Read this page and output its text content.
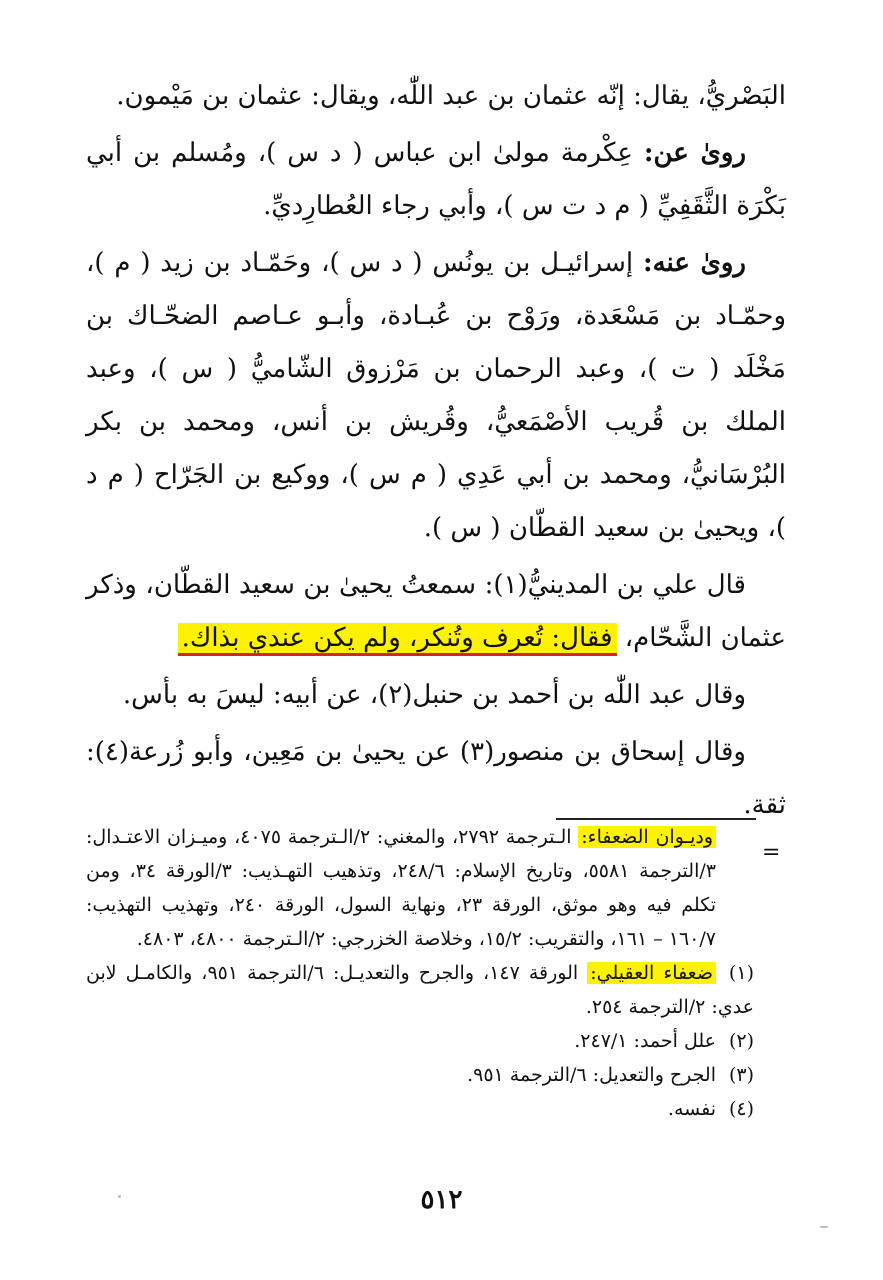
البَصْريُّ، يقال: إنّه عثمان بن عبد اللّٰه، ويقال: عثمان بن مَيْمون.

رویٰ عن: عِكْرمة مولىٰ ابن عباس ( د س )، ومُسلم بن أبي بَكْرَة الثَّقَفِيِّ ( م د ت س )، وأبي رجاء العُطارِديِّ.

رویٰ عنه: إسرائيـل بن يونُس ( د س )، وحَمّـاد بن زيد ( م )، وحمّـاد بن مَسْعَدة، ورَوْح بن عُبـادة، وأبـو عـاصم الضحّـاك بن مَخْلَد ( ت )، وعبد الرحمان بن مَرْزوق الشّاميُّ ( س )، وعبد الملك بن قُريب الأصْمَعيُّ، وقُريش بن أنس، ومحمد بن بكر البُرْسَانيُّ، ومحمد بن أبي عَدِي ( م س )، ووكيع بن الجَرّاح ( م د )، ويحيىٰ بن سعيد القطّان ( س ).

قال علي بن المدينيُّ(١): سمعتُ يحيىٰ بن سعيد القطّان، وذكر عثمان الشَّحّام، فقال: تُعرف وتُنكر، ولم يكن عندي بذاك.

وقال عبد اللّٰه بن أحمد بن حنبل(٢)، عن أبيه: ليسَ به بأس.

وقال إسحاق بن منصور(٣) عن يحيىٰ بن مَعِين، وأبو زُرعة(٤): ثقة.

=

وديـوان الضعفاء: الـترجمة ٢٧٩٢، والمغني: ٢/الـترجمة ٤٠٧٥، وميـزان الاعتـدال: ٣/الترجمة ٥٥٨١، وتاريخ الإسلام: ٢٤٨/٦، وتذهيب التهـذيب: ٣/الورقة ٣٤، ومن تكلم فيه وهو موثق، الورقة ٢٣، ونهاية السول، الورقة ٢٤٠، وتهذيب التهذيب: ١٦٠/٧ – ١٦١، والتقريب: ١٥/٢، وخلاصة الخزرجي: ٢/الـترجمة ٤٨٠٠، ٤٨٠٣.

(١)ضعفاء العقيلي: الورقة ١٤٧، والجرح والتعديـل: ٦/الترجمة ٩٥١، والكامـل لابن عدي: ٢/الترجمة ٢٥٤.

(٢)علل أحمد: ٢٤٧/١.

(٣)الجرح والتعديل: ٦/الترجمة ٩٥١.

(٤)نفسه.

٥١٢
